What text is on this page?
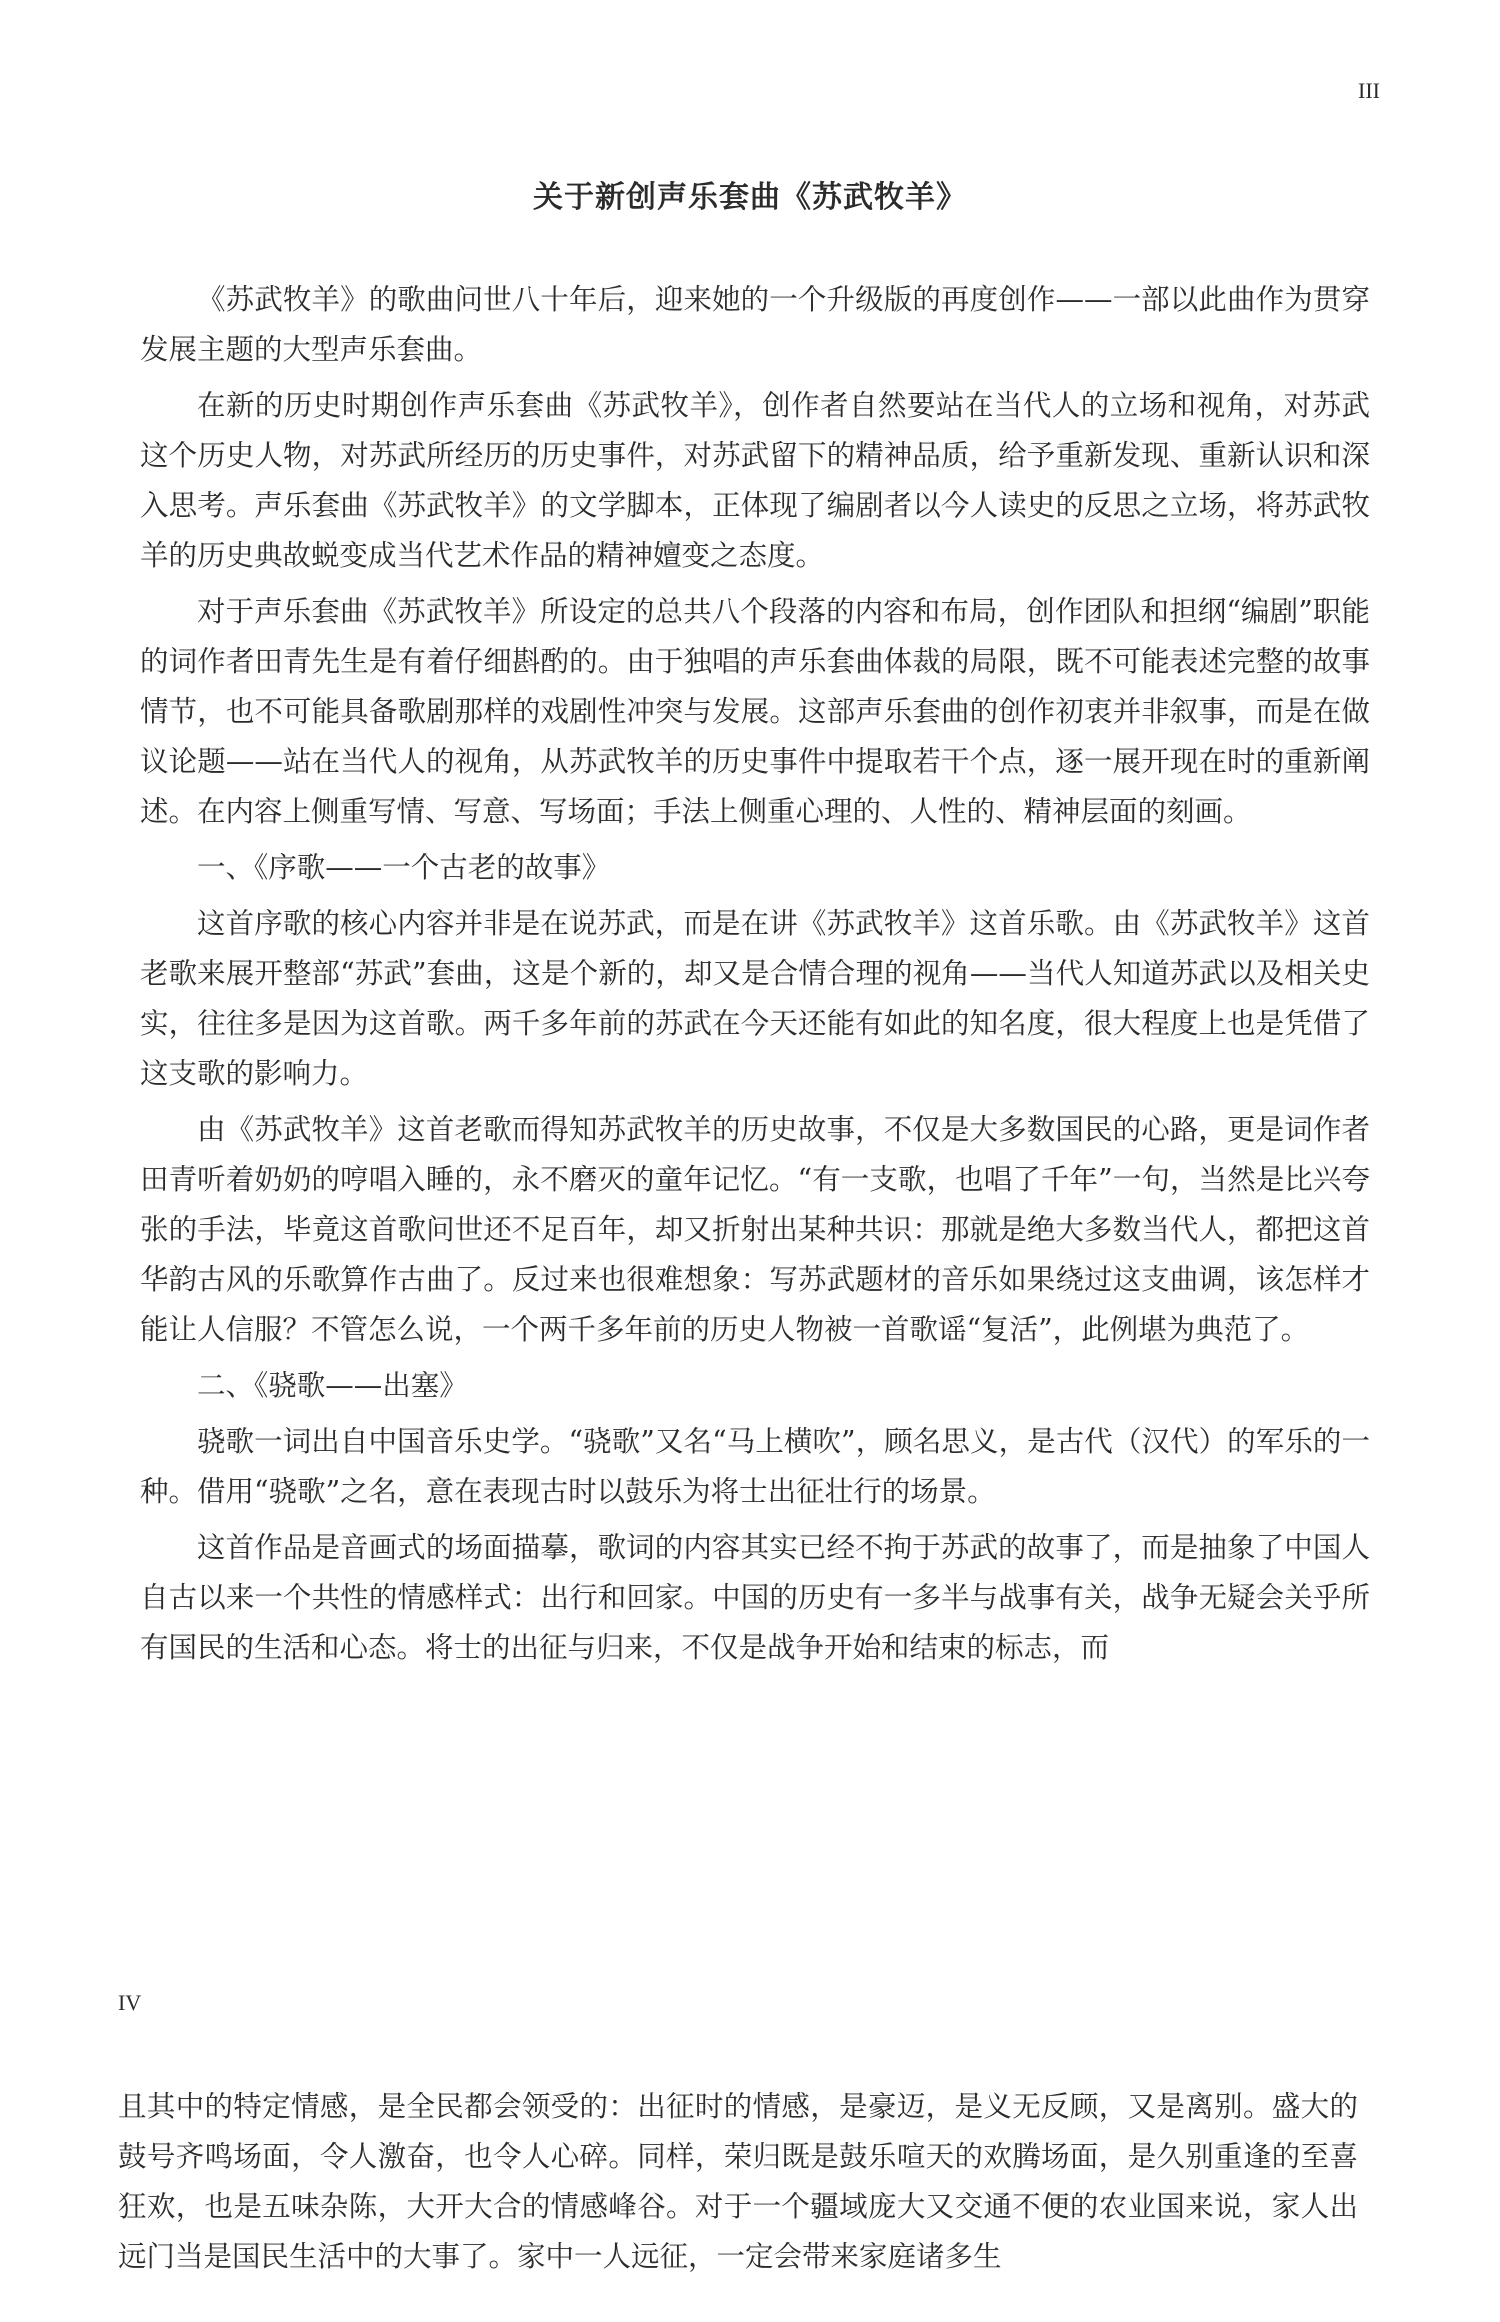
III
关于新创声乐套曲《苏武牧羊》

《苏武牧羊》的歌曲问世八十年后，迎来她的一个升级版的再度创作——一部以此曲作为贯穿发展主题的大型声乐套曲。

在新的历史时期创作声乐套曲《苏武牧羊》，创作者自然要站在当代人的立场和视角，对苏武这个历史人物，对苏武所经历的历史事件，对苏武留下的精神品质，给予重新发现、重新认识和深入思考。声乐套曲《苏武牧羊》的文学脚本，正体现了编剧者以今人读史的反思之立场，将苏武牧羊的历史典故蜕变成当代艺术作品的精神嬗变之态度。

对于声乐套曲《苏武牧羊》所设定的总共八个段落的内容和布局，创作团队和担纲“编剧”职能的词作者田青先生是有着仔细斟酌的。由于独唱的声乐套曲体裁的局限，既不可能表述完整的故事情节，也不可能具备歌剧那样的戏剧性冲突与发展。这部声乐套曲的创作初衷并非叙事，而是在做议论题——站在当代人的视角，从苏武牧羊的历史事件中提取若干个点，逐一展开现在时的重新阐述。在内容上侧重写情、写意、写场面；手法上侧重心理的、人性的、精神层面的刻画。

一、《序歌——一个古老的故事》

这首序歌的核心内容并非是在说苏武，而是在讲《苏武牧羊》这首乐歌。由《苏武牧羊》这首老歌来展开整部“苏武”套曲，这是个新的，却又是合情合理的视角——当代人知道苏武以及相关史实，往往多是因为这首歌。两千多年前的苏武在今天还能有如此的知名度，很大程度上也是凭借了这支歌的影响力。

由《苏武牧羊》这首老歌而得知苏武牧羊的历史故事，不仅是大多数国民的心路，更是词作者田青听着奶奶的哼唱入睡的，永不磨灭的童年记忆。“有一支歌，也唱了千年”一句，当然是比兴夸张的手法，毕竟这首歌问世还不足百年，却又折射出某种共识：那就是绝大多数当代人，都把这首华韵古风的乐歌算作古曲了。反过来也很难想象：写苏武题材的音乐如果绕过这支曲调，该怎样才能让人信服？不管怎么说，一个两千多年前的历史人物被一首歌谣“复活”，此例堪为典范了。

二、《骁歌——出塞》

骁歌一词出自中国音乐史学。“骁歌”又名“马上横吹”，顾名思义，是古代（汉代）的军乐的一种。借用“骁歌”之名，意在表现古时以鼓乐为将士出征壮行的场景。

这首作品是音画式的场面描摹，歌词的内容其实已经不拘于苏武的故事了，而是抽象了中国人自古以来一个共性的情感样式：出行和回家。中国的历史有一多半与战事有关，战争无疑会关乎所有国民的生活和心态。将士的出征与归来，不仅是战争开始和结束的标志，而

IV

且其中的特定情感，是全民都会领受的：出征时的情感，是豪迈，是义无反顾，又是离别。盛大的鼓号齐鸣场面，令人激奋，也令人心碎。同样，荣归既是鼓乐喧天的欢腾场面，是久别重逢的至喜狂欢，也是五味杂陈，大开大合的情感峰谷。对于一个疆域庞大又交通不便的农业国来说，家人出远门当是国民生活中的大事了。家中一人远征，一定会带来家庭诸多生
